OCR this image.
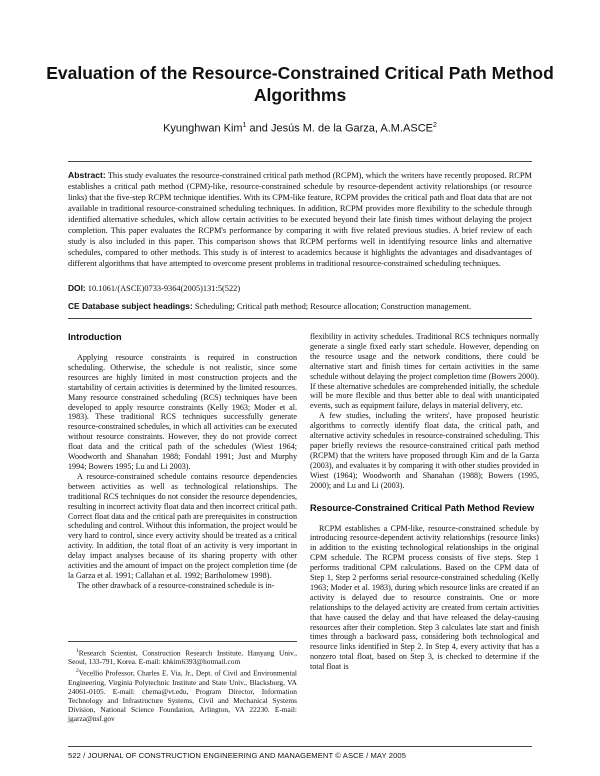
Evaluation of the Resource-Constrained Critical Path Method Algorithms
Kyunghwan Kim$^1$ and Jesús M. de la Garza, A.M.ASCE$^2$
Abstract: This study evaluates the resource-constrained critical path method (RCPM), which the writers have recently proposed. RCPM establishes a critical path method (CPM)-like, resource-constrained schedule by resource-dependent activity relationships (or resource links) that the five-step RCPM technique identifies. With its CPM-like feature, RCPM provides the critical path and float data that are not available in traditional resource-constrained scheduling techniques. In addition, RCPM provides more flexibility to the schedule through identified alternative schedules, which allow certain activities to be executed beyond their late finish times without delaying the project completion. This paper evaluates the RCPM's performance by comparing it with five related previous studies. A brief review of each study is also included in this paper. This comparison shows that RCPM performs well in identifying resource links and alternative schedules, compared to other methods. This study is of interest to academics because it highlights the advantages and disadvantages of different algorithms that have attempted to overcome present problems in traditional resource-constrained scheduling techniques.
DOI: 10.1061/(ASCE)0733-9364(2005)131:5(522)
CE Database subject headings: Scheduling; Critical path method; Resource allocation; Construction management.
Introduction

Applying resource constraints is required in construction scheduling. Otherwise, the schedule is not realistic, since some resources are highly limited in most construction projects and the startability of certain activities is determined by the limited resources. Many resource constrained scheduling (RCS) techniques have been developed to apply resource constraints (Kelly 1963; Moder et al. 1983). These traditional RCS techniques successfully generate resource-constrained schedules, in which all activities can be executed without resource constraints. However, they do not provide correct float data and the critical path of the schedules (Wiest 1964; Woodworth and Shanahan 1988; Fondahl 1991; Just and Murphy 1994; Bowers 1995; Lu and Li 2003).

A resource-constrained schedule contains resource dependencies between activities as well as technological relationships. The traditional RCS techniques do not consider the resource dependencies, resulting in incorrect activity float data and then incorrect critical path. Correct float data and the critical path are prerequisites in construction scheduling and control. Without this information, the project would be very hard to control, since every activity should be treated as a critical activity. In addition, the total float of an activity is very important in delay impact analyses because of its sharing property with other activities and the amount of impact on the project completion time (de la Garza et al. 1991; Callahan et al. 1992; Bartholomew 1998).

The other drawback of a resource-constrained schedule is in-

$^1$Research Scientist, Construction Research Institute, Hanyang Univ., Seoul, 133-791, Korea. E-mail: khkim6393@hotmail.com

$^2$Vecellio Professor, Charles E. Via, Jr., Dept. of Civil and Environmental Engineering, Virginia Polytechnic Institute and State Univ., Blacksburg, VA 24061-0105. E-mail: chema@vt.edu, Program Director, Information Technology and Infrastructure Systems, Civil and Mechanical Systems Division, National Science Foundation, Arlington, VA 22230. E-mail: jgarza@nsf.gov

flexibility in activity schedules. Traditional RCS techniques normally generate a single fixed early start schedule. However, depending on the resource usage and the network conditions, there could be alternative start and finish times for certain activities in the same schedule without delaying the project completion time (Bowers 2000). If these alternative schedules are comprehended initially, the schedule will be more flexible and thus better able to deal with unanticipated events, such as equipment failure, delays in material delivery, etc.

A few studies, including the writers', have proposed heuristic algorithms to correctly identify float data, the critical path, and alternative activity schedules in resource-constrained scheduling. This paper briefly reviews the resource-constrained critical path method (RCPM) that the writers have proposed through Kim and de la Garza (2003), and evaluates it by comparing it with other studies provided in Wiest (1964); Woodworth and Shanahan (1988); Bowers (1995, 2000); and Lu and Li (2003).

Resource-Constrained Critical Path Method Review

RCPM establishes a CPM-like, resource-constrained schedule by introducing resource-dependent activity relationships (resource links) in addition to the existing technological relationships in the original CPM schedule. The RCPM process consists of five steps. Step 1 performs traditional CPM calculations. Based on the CPM data of Step 1, Step 2 performs serial resource-constrained scheduling (Kelly 1963; Moder et al. 1983), during which resource links are created if an activity is delayed due to resource constraints. One or more relationships to the delayed activity are created from certain activities that have caused the delay and that have released the delay-causing resources after their completion. Step 3 calculates late start and finish times through a backward pass, considering both technological and resource links identified in Step 2. In Step 4, every activity that has a nonzero total float, based on Step 3, is checked to determine if the total float is

522 / JOURNAL OF CONSTRUCTION ENGINEERING AND MANAGEMENT © ASCE / MAY 2005
